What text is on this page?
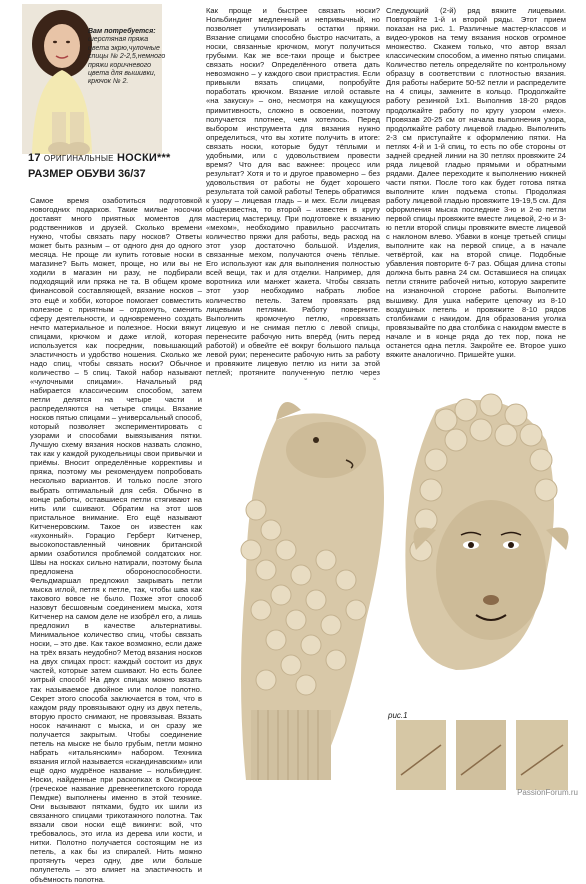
Вам потребуется: шерстяная пряжа цвета экрю,чулочные спицы № 2-2,5,немного пряжи коричневого цвета для вышивки, крючок № 2.
17 ОРИГИНАЛЬНЫЕ НОСКИ***
РАЗМЕР ОБУВИ 36/37
Самое время озаботиться подготовкой новогодних подарков. Такие милые носочки доставят много приятных моментов для родственников и друзей. Сколько времени нужно, чтобы связать пару носков? Ответы может быть разным – от одного дня до одного месяца. Не проще ли купить готовые носки в магазине? Быть может, проще, но или вы не ходили в магазин ни разу, не подбирали подходящий или пряжа не та. В общем кроме финансовой составляющей, вязание носков – это ещё и хобби, которое помогает совместить полезное с приятным – отдохнуть, сменить сферу деятельности, и одновременно создать нечто материальное и полезное. Носки вяжут спицами, крючком и даже иглой, которая используется как посредник, повышающий эластичность и удобство ношения. Сколько же надо спиц, чтобы связать носки? Обычное количество – 5 спиц. Такой набор называют «чулочными спицами». Начальный ряд набирается классическим способом, затем петли делятся на четыре части и распределяются на четыре спицы. Вязание носков пятью спицами – универсальный способ, который позволяет экспериментировать с узорами и способами вывязывания пятки. Лучшую схему вязания носков назвать сложно, так как у каждой рукодельницы свои привычки и приёмы. Вносит определённые коррективы и пряжа, поэтому мы рекомендуем попробовать несколько вариантов. И только после этого выбрать оптимальный для себя. Обычно в конце работы, оставшиеся петли стягивают на нить или сшивают. Обратим на этот шов пристальное внимание. Его ещё называют Китченеровским. Такое он известен как «кухонный». Горацио Герберт Китченер, высокопоставленный чиновник британской армии озаботился проблемой солдатских ног. Швы на носках сильно натирали, поэтому была предложена обороноспособности. Фельдмаршал предложил закрывать петли мыска иглой, петля к петле, так, чтобы шва как такового вовсе не было. Позже этот способ назовут бесшовным соединением мыска, хотя Китченер на самом деле не изобрёл его, а лишь предложил в качестве альтернативы. Минимальное количество спиц, чтобы связать носки, – это две. Как такое возможно, если даже на трёх вязать неудобно? Метод вязания носков на двух спицах прост: каждый состоит из двух частей, которые затем сшивают. Но есть более хитрый способ! На двух спицах можно вязать так называемое двойное или полое полотно. Секрет этого способа заключается в том, что в каждом ряду провязывают одну из двух петель, вторую просто снимают, не провязывая. Вязать носок начинают с мыска, и он сразу же получается закрытым. Чтобы соединение петель на мыске не было грубым, петли можно набрать «итальянским» набором. Техника вязания иглой называется «скандинавским» или ещё одно мудрёное название – нольбиндинг. Носки, найденные при раскопках в Оксиринхе (греческое название древнеегипетского города Пемдже) выполнены именно в этой технике. Они вызывают пятками, будто их шили из связанного спицами трикотажного полотна. Так вязали свои носки ещё викинги: вой, что требовалось, это игла из дерева или кости, и нитки. Полотно получается состоящим не из петель, а как бы из спиралей. Нить можно протянуть через одну, две или больше полупетель – это влияет на эластичность и объёмность полотна.
Как проще и быстрее связать носки? Нольбиндинг медленный и непривычный, но позволяет утилизировать остатки пряжи. Вязание спицами способно быстро насчитать, а носки, связанные крючком, могут получиться грубыми. Как же все-таки проще и быстрее связать носки? Определённого ответа дать невозможно – у каждого свои пристрастия. Если привыкли вязать спицами, попробуйте поработать крючком. Вязание иглой оставьте «на закуску» – оно, несмотря на кажущуюся примитивность, сложно в освоении, поэтому получается плотнее, чем хотелось. Перед выбором инструмента для вязания нужно определиться, что вы хотите получить в итоге: связать носки, которые будут тёплыми и удобными, или с удовольствием провести время? Что для вас важнее: процесс или результат? Хотя и то и другое правомерно – без удовольствия от работы не будет хорошего результата той самой работы! Теперь обратимся к узору – лицевая гладь – и мех. Если лицевая общеизвестна, то второй – известен в кругу мастериц мастерицу. При подготовке к вязанию «мехом», необходимо правильно рассчитать количество пряжи для работы, ведь расход на этот узор достаточно большой. Изделия, связанные мехом, получаются очень тёплые. Его используют как для выполнения полностью всей вещи, так и для отделки. Например, для воротника или манжет жакета. Чтобы связать этот узор необходимо набрать любое количество петель. Затем провязать ряд лицевыми петлями. Работу поверните. Выполнить кромочную петлю, «провязать лицевую и не снимая петлю с левой спицы, перенесите рабочую нить вперёд (нить перед работой) и обвейте её вокруг большого пальца левой руки; перенесите рабочую нить за работу и провяжите лицевую петлю из нити за этой петлей; протяните полученную петлю через
Следующий (2-й) ряд вяжите лицевыми. Повторяйте 1-й и второй ряды. Этот прием показан на рис. 1. Различные мастер-классов и видео-уроков на тему вязания носков огромное множество. Скажем только, что автор вязал классическим способом, а именно пятью спицами. Количество петель определяйте по контрольному образцу в соответствии с плотностью вязания. Для работы наберите 50-52 петли и распределите на 4 спицы, замкните в кольцо. Продолжайте работу резинкой 1х1. Выполнив 18-20 рядов продолжайте работу по кругу узором «мех». Провязав 20-25 см от начала выполнения узора, продолжайте работу лицевой гладью. Выполнить 2-3 см приступайте к оформлению пятки. На петлях 4-й и 1-й спиц, то есть по обе стороны от задней средней линии на 30 петлях провяжите 24 ряда лицевой гладью прямыми и обратными рядами. Далее переходите к выполнению нижней части пятки. После того как будет готова пятка выполните клин подъема стопы. Продолжая работу лицевой гладью провяжите 19-19,5 см. Для оформления мыска последние 3-ю и 2-ю петли первой спицы провяжите вместе лицевой, 2-ю и 3-ю петли второй спицы провяжите вместе лицевой с наклоном влево. Убавки в конце третьей спицы выполните как на первой спице, а в начале четвёртой, как на второй спице. Подобные убавления повторите 6-7 раз. Общая длина стопы должна быть равна 24 см. Оставшиеся на спицах петли стяните рабочей нитью, которую закрепите на изнаночной стороне работы. Выполните вышивку. Для ушка наберите цепочку из 8-10 воздушных петель и провяжите 8-10 рядов столбиками с накидом. Для образования уголка провязывайте по два столбика с накидом вместе в начале и в конце ряда до тех пор, пока не останется одна петля. Закройте ее. Второе ушко вяжите аналогично. Пришейте ушки.
рис.1
PassionForum.ru
